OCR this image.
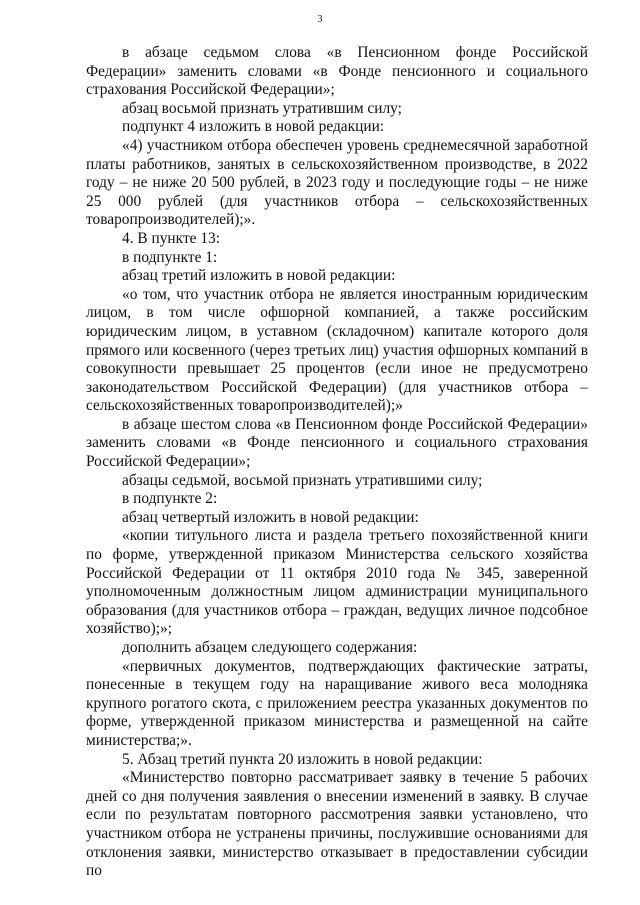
3

в абзаце седьмом слова «в Пенсионном фонде Российской Федерации» заменить словами «в Фонде пенсионного и социального страхования Российской Федерации»;

абзац восьмой признать утратившим силу;

подпункт 4 изложить в новой редакции:

«4) участником отбора обеспечен уровень среднемесячной заработной платы работников, занятых в сельскохозяйственном производстве, в 2022 году – не ниже 20 500 рублей, в 2023 году и последующие годы – не ниже 25 000 рублей (для участников отбора – сельскохозяйственных товаропроизводителей);».

4. В пункте 13:

в подпункте 1:

абзац третий изложить в новой редакции:

«о том, что участник отбора не является иностранным юридическим лицом, в том числе офшорной компанией, а также российским юридическим лицом, в уставном (складочном) капитале которого доля прямого или косвенного (через третьих лиц) участия офшорных компаний в совокупности превышает 25 процентов (если иное не предусмотрено законодательством Российской Федерации) (для участников отбора – сельскохозяйственных товаропроизводителей);»

в абзаце шестом слова «в Пенсионном фонде Российской Федерации» заменить словами «в Фонде пенсионного и социального страхования Российской Федерации»;

абзацы седьмой, восьмой признать утратившими силу;

в подпункте 2:

абзац четвертый изложить в новой редакции:

«копии титульного листа и раздела третьего похозяйственной книги по форме, утвержденной приказом Министерства сельского хозяйства Российской Федерации от 11 октября 2010 года № 345, заверенной уполномоченным должностным лицом администрации муниципального образования (для участников отбора – граждан, ведущих личное подсобное хозяйство);»;

дополнить абзацем следующего содержания:

«первичных документов, подтверждающих фактические затраты, понесенные в текущем году на наращивание живого веса молодняка крупного рогатого скота, с приложением реестра указанных документов по форме, утвержденной приказом министерства и размещенной на сайте министерства;».

5. Абзац третий пункта 20 изложить в новой редакции:

«Министерство повторно рассматривает заявку в течение 5 рабочих дней со дня получения заявления о внесении изменений в заявку. В случае если по результатам повторного рассмотрения заявки установлено, что участником отбора не устранены причины, послужившие основаниями для отклонения заявки, министерство отказывает в предоставлении субсидии по
